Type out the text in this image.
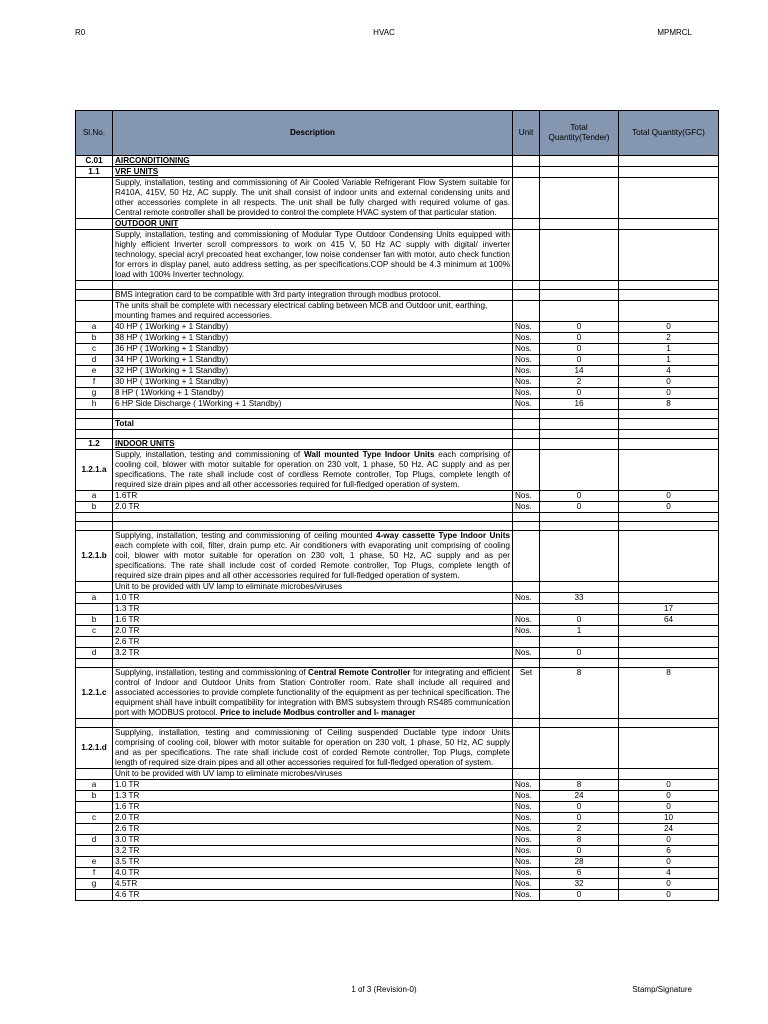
R0	HVAC	MPMRCL
Sl.No.	Description	Unit	Total Quantity(Tender)	Total Quantity(GFC)
C.01	AIRCONDITIONING			
1.1	VRF UNITS			
	Supply, installation, testing and commissioning of Air Cooled Variable Refrigerant Flow System suitable for R410A, 415V, 50 Hz, AC supply. The unit shall consist of indoor units and external condensing units and other accessories complete in all respects. The unit shall be fully charged with required volume of gas. Central remote controller shall be provided to control the complete HVAC system of that particular station.			
	OUTDOOR UNIT			
	Supply, installation, testing and commissioning of Modular Type Outdoor Condensing Units equipped with highly efficient Inverter scroll compressors to work on 415 V, 50 Hz AC supply with digital/ inverter technology, special acryl precoated heat exchanger, low noise condenser fan with motor, auto check function for errors in display panel, auto address setting, as per specifications.COP should be 4.3 minimum at 100% load with 100% Inverter technology.			

	BMS integration card to be compatible with 3rd party integration through modbus protocol.			
	The units shall be complete with necessary electrical cabling between MCB and Outdoor unit, earthing, mounting frames and required accessories.			
a	40 HP ( 1Working + 1 Standby)	Nos.	0	0
b	38 HP ( 1Working + 1 Standby)	Nos.	0	2
c	36 HP ( 1Working + 1 Standby)	Nos.	0	1
d	34 HP ( 1Working + 1 Standby)	Nos.	0	1
e	32 HP ( 1Working + 1 Standby)	Nos.	14	4
f	30 HP ( 1Working + 1 Standby)	Nos.	2	0
g	8 HP ( 1Working + 1 Standby)	Nos.	0	0
h	6 HP Side Discharge ( 1Working + 1 Standby)	Nos.	16	8

	Total			

1.2	INDOOR UNITS			
1.2.1.a	Supply, installation, testing and commissioning of Wall mounted Type Indoor Units each comprising of cooling coil, blower with motor suitable for operation on 230 volt, 1 phase, 50 Hz. AC supply and as per specifications. The rate shall include cost of cordless Remote controller, Top Plugs, complete length of required size drain pipes and all other accessories required for full-fledged operation of system.			
a	1.6TR	Nos.	0	0
b	2.0 TR	Nos.	0	0

1.2.1.b	Supplying, installation, testing and commissioning of ceiling mounted 4-way cassette Type Indoor Units each complete with coil, filter, drain pump etc. Air conditioners with evaporating unit comprising of cooling coil, blower with motor suitable for operation on 230 volt, 1 phase, 50 Hz, AC supply and as per specifications. The rate shall include cost of corded Remote controller, Top Plugs, complete length of required size drain pipes and all other accessories required for full-fledged operation of system.			
	Unit to be provided with UV lamp to eliminate microbes/viruses			
a	1.0 TR	Nos.	33	
	1.3 TR			17
b	1.6 TR	Nos.	0	64
c	2.0 TR	Nos.	1	
	2.6 TR			
d	3.2 TR	Nos.	0	

1.2.1.c	Supplying, installation, testing and commissioning of Central Remote Controller for integrating and efficient control of Indoor and Outdoor Units from Station Controller room. Rate shall include all required and associated accessories to provide complete functionality of the equipment as per technical specification. The equipment shall have inbuilt compatibility for integration with BMS subsystem through RS485 communication port with MODBUS protocol. Price to include Modbus controller and I- manager	Set	8	8

1.2.1.d	Supplying, installation, testing and commissioning of Ceiling suspended Ductable type indoor Units comprising of cooling coil, blower with motor suitable for operation on 230 volt, 1 phase, 50 Hz, AC supply and as per specifications. The rate shall include cost of corded Remote controller, Top Plugs, complete length of required size drain pipes and all other accessories required for full-fledged operation of system.			
	Unit to be provided with UV lamp to eliminate microbes/viruses			
a	1.0 TR	Nos.	8	0
b	1.3 TR	Nos.	24	0
	1.6 TR	Nos.	0	0
c	2.0 TR	Nos.	0	10
	2.6 TR	Nos.	2	24
d	3.0 TR	Nos.	8	0
	3.2 TR	Nos.	0	6
e	3.5 TR	Nos.	28	0
f	4.0 TR	Nos.	6	4
g	4.5TR	Nos.	32	0
	4.6 TR	Nos.	0	0
1 of 3 (Revision-0)	Stamp/Signature
